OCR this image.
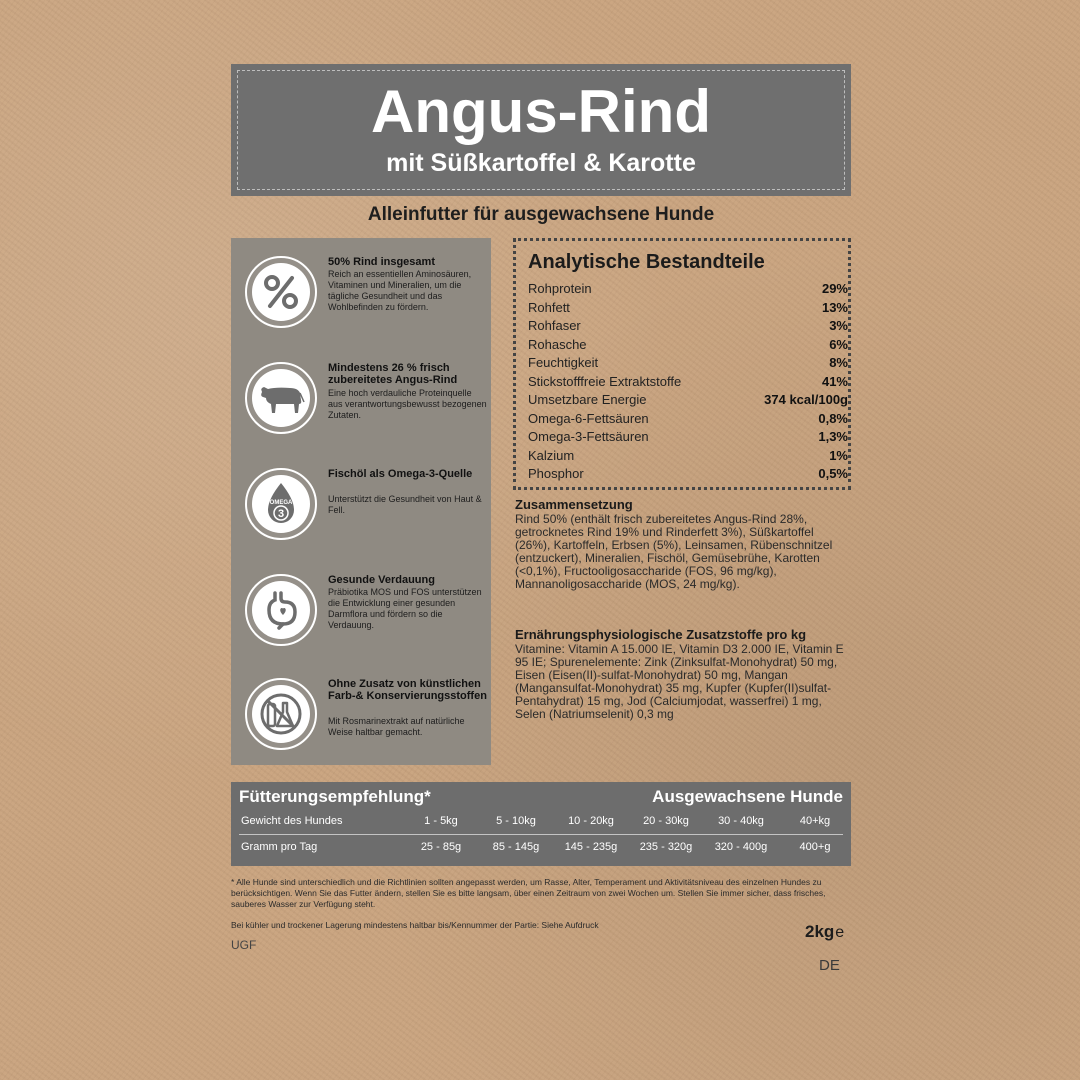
Angus-Rind
mit Süßkartoffel & Karotte
Alleinfutter für ausgewachsene Hunde
50% Rind insgesamt
Reich an essentiellen Aminosäuren, Vitaminen und Mineralien, um die tägliche Gesundheit und das Wohlbefinden zu fördern.
Mindestens 26 % frisch zubereitetes Angus-Rind
Eine hoch verdauliche Proteinquelle aus verantwortungsbewusst bezogenen Zutaten.
OMEGA
3
Fischöl als Omega-3-Quelle
Unterstützt die Gesundheit von Haut & Fell.
Gesunde Verdauung
Präbiotika MOS und FOS unterstützen die Entwicklung einer gesunden Darmflora und fördern so die Verdauung.
Ohne Zusatz von künstlichen Farb-& Konservierungsstoffen
Mit Rosmarinextrakt auf natürliche Weise haltbar gemacht.
Analytische Bestandteile
Rohprotein	29%
Rohfett	13%
Rohfaser	3%
Rohasche	6%
Feuchtigkeit	8%
Stickstofffreie Extraktstoffe	41%
Umsetzbare Energie	374 kcal/100g
Omega-6-Fettsäuren	0,8%
Omega-3-Fettsäuren	1,3%
Kalzium	1%
Phosphor	0,5%
Zusammensetzung
Rind 50% (enthält frisch zubereitetes Angus-Rind 28%, getrocknetes Rind 19% und Rinderfett 3%), Süßkartoffel (26%), Kartoffeln, Erbsen (5%), Leinsamen, Rübenschnitzel (entzuckert), Mineralien, Fischöl, Gemüsebrühe, Karotten (<0,1%), Fructooligosaccharide (FOS, 96 mg/kg), Mannanoligosaccharide (MOS, 24 mg/kg).
Ernährungsphysiologische Zusatzstoffe pro kg
Vitamine: Vitamin A 15.000 IE, Vitamin D3 2.000 IE, Vitamin E 95 IE; Spurenelemente: Zink (Zinksulfat-Monohydrat) 50 mg, Eisen (Eisen(II)-sulfat-Monohydrat) 50 mg, Mangan (Mangansulfat-Monohydrat) 35 mg, Kupfer (Kupfer(II)sulfat-Pentahydrat) 15 mg, Jod (Calciumjodat, wasserfrei) 1 mg, Selen (Natriumselenit) 0,3 mg
Fütterungsempfehlung*	Ausgewachsene Hunde
Gewicht des Hundes	1 - 5kg	5 - 10kg	10 - 20kg	20 - 30kg	30 - 40kg	40+kg
Gramm pro Tag	25 - 85g	85 - 145g	145 - 235g	235 - 320g	320 - 400g	400+g
* Alle Hunde sind unterschiedlich und die Richtlinien sollten angepasst werden, um Rasse, Alter, Temperament und Aktivitätsniveau des einzelnen Hundes zu berücksichtigen. Wenn Sie das Futter ändern, stellen Sie es bitte langsam, über einen Zeitraum von zwei Wochen um. Stellen Sie immer sicher, dass frisches, sauberes Wasser zur Verfügung steht.
Bei kühler und trockener Lagerung mindestens haltbar bis/Kennummer der Partie: Siehe Aufdruck
UGF
2kge
DE
